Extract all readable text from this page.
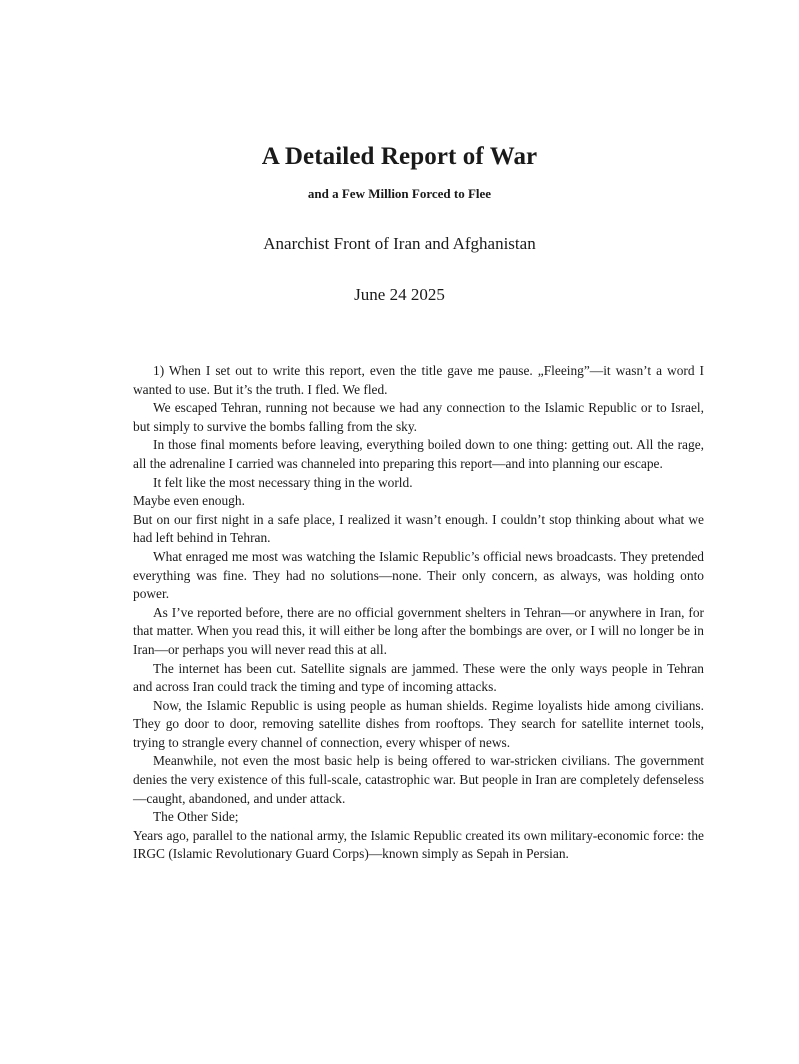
A Detailed Report of War
and a Few Million Forced to Flee
Anarchist Front of Iran and Afghanistan
June 24 2025

1) When I set out to write this report, even the title gave me pause. „Fleeing”—it wasn’t a word I wanted to use. But it’s the truth. I fled. We fled.

We escaped Tehran, running not because we had any connection to the Islamic Republic or to Israel, but simply to survive the bombs falling from the sky.

In those final moments before leaving, everything boiled down to one thing: getting out. All the rage, all the adrenaline I carried was channeled into preparing this report—and into planning our escape.

It felt like the most necessary thing in the world.

Maybe even enough.

But on our first night in a safe place, I realized it wasn’t enough. I couldn’t stop thinking about what we had left behind in Tehran.

What enraged me most was watching the Islamic Republic’s official news broadcasts. They pretended everything was fine. They had no solutions—none. Their only concern, as always, was holding onto power.

As I’ve reported before, there are no official government shelters in Tehran—or anywhere in Iran, for that matter. When you read this, it will either be long after the bombings are over, or I will no longer be in Iran—or perhaps you will never read this at all.

The internet has been cut. Satellite signals are jammed. These were the only ways people in Tehran and across Iran could track the timing and type of incoming attacks.

Now, the Islamic Republic is using people as human shields. Regime loyalists hide among civilians. They go door to door, removing satellite dishes from rooftops. They search for satellite internet tools, trying to strangle every channel of connection, every whisper of news.

Meanwhile, not even the most basic help is being offered to war-stricken civilians. The government denies the very existence of this full-scale, catastrophic war. But people in Iran are completely defenseless—caught, abandoned, and under attack.

The Other Side;

Years ago, parallel to the national army, the Islamic Republic created its own military-economic force: the IRGC (Islamic Revolutionary Guard Corps)—known simply as Sepah in Persian.
